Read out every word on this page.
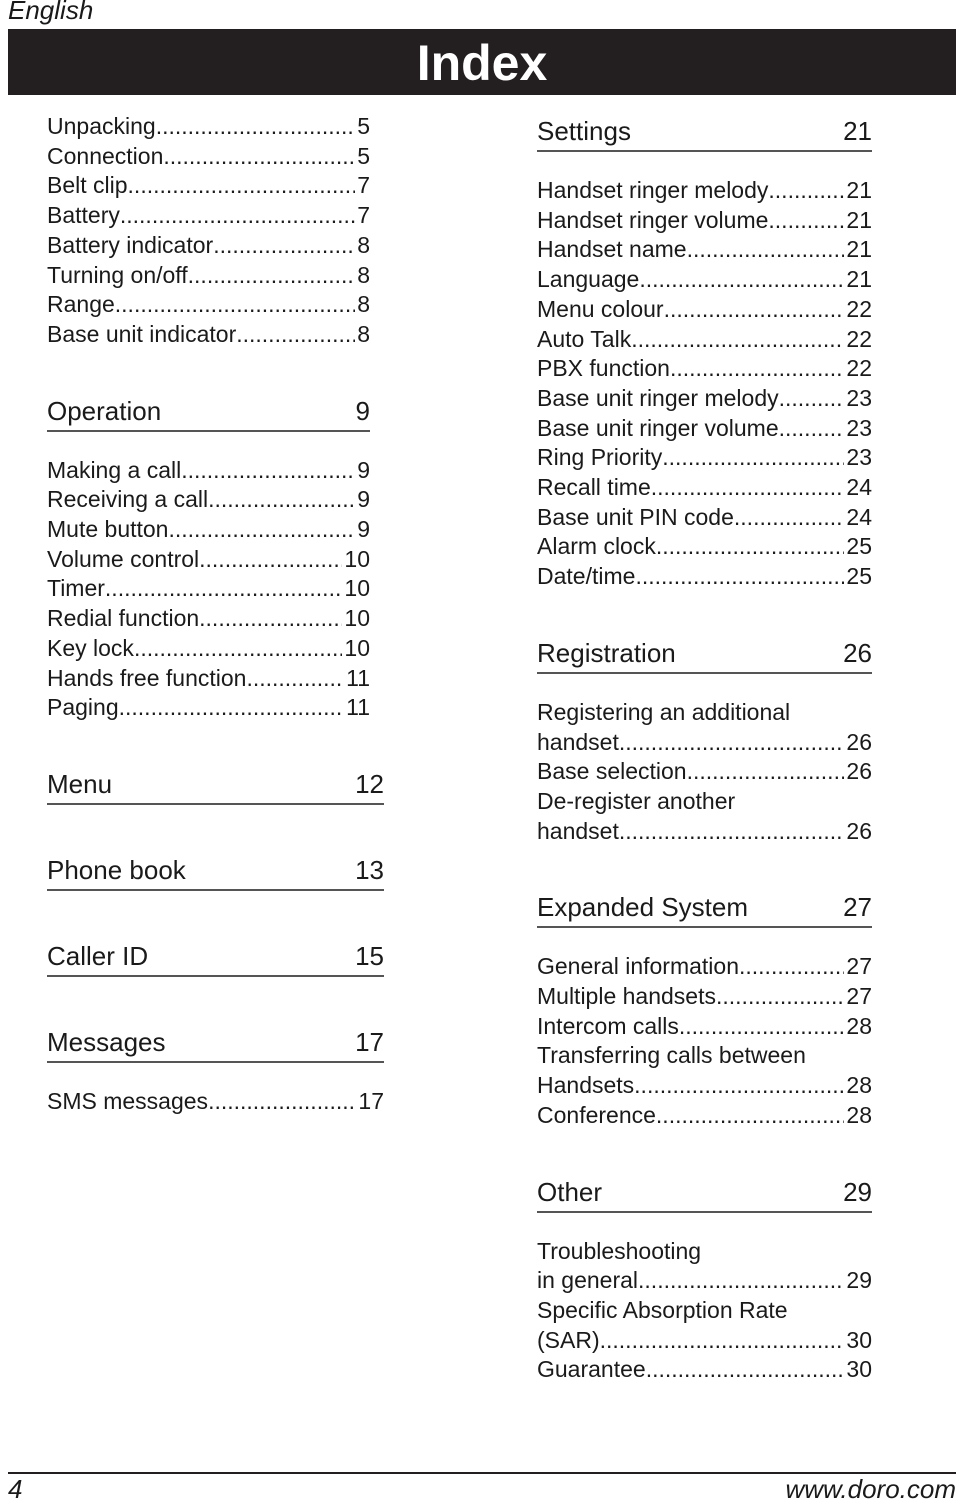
English
Index
Unpacking .....	5
Connection .....	5
Belt clip .....	7
Battery .....	7
Battery indicator .....	8
Turning on/off .....	8
Range .....	8
Base unit indicator .....	8
Operation	9
Making a call .....	9
Receiving a call .....	9
Mute button .....	9
Volume control .....	10
Timer .....	10
Redial function .....	10
Key lock .....	10
Hands free function .....	11
Paging .....	11
Menu	12
Phone book	13
Caller ID	15
Messages	17
SMS messages .....	17
Settings	21
Handset ringer melody .....	21
Handset ringer volume .....	21
Handset name .....	21
Language .....	21
Menu colour .....	22
Auto Talk .....	22
PBX function .....	22
Base unit ringer melody .....	23
Base unit ringer volume .....	23
Ring Priority .....	23
Recall time .....	24
Base unit PIN code .....	24
Alarm clock .....	25
Date/time .....	25
Registration	26
Registering an additional
handset .....	26
Base selection .....	26
De-register another
handset .....	26
Expanded System	27
General information .....	27
Multiple handsets .....	27
Intercom calls .....	28
Transferring calls between
Handsets .....	28
Conference .....	28
Other	29
Troubleshooting
in general .....	29
Specific Absorption Rate
(SAR) .....	30
Guarantee .....	30
4	www.doro.com
